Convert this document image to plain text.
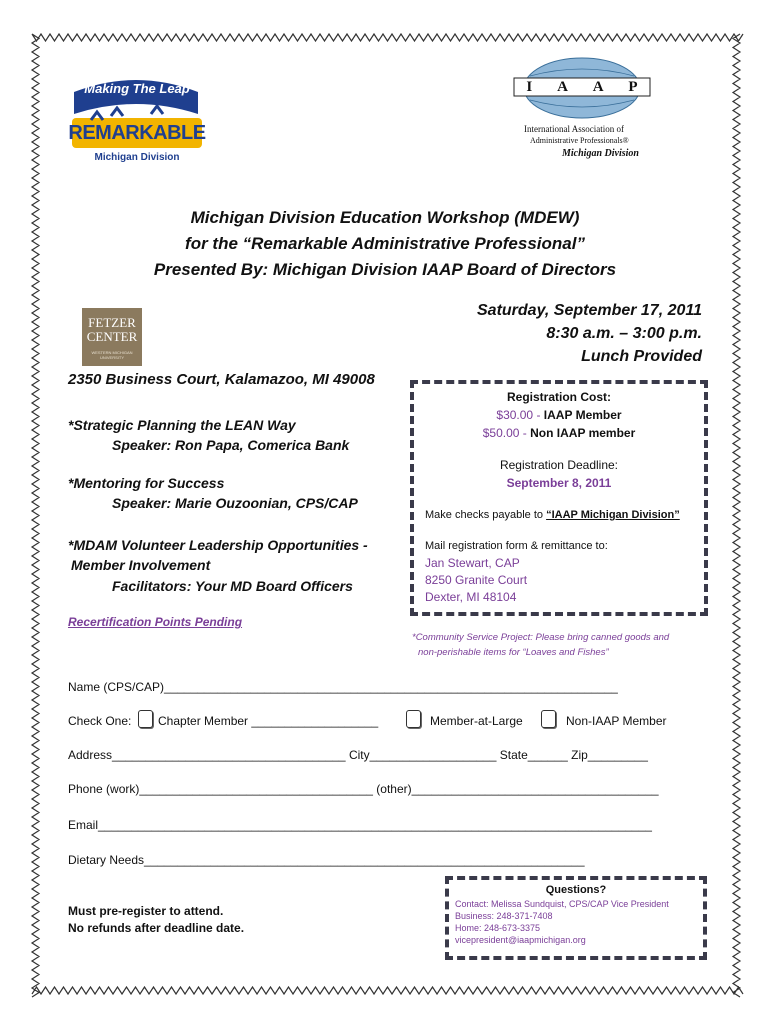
Making The Leap
To
REMARKABLE
Michigan Division
I A A P
International Association of
Administrative Professionals®
Michigan Division
Michigan Division Education Workshop (MDEW)
for the “Remarkable Administrative Professional”
Presented By: Michigan Division IAAP Board of Directors
FETZER
CENTER
WESTERN MICHIGAN UNIVERSITY
Saturday, September 17, 2011
8:30 a.m. – 3:00 p.m.
Lunch Provided
2350 Business Court, Kalamazoo, MI 49008
*Strategic Planning the LEAN Way
Speaker: Ron Papa, Comerica Bank
*Mentoring for Success
Speaker: Marie Ouzoonian, CPS/CAP
*MDAM Volunteer Leadership Opportunities -
Member Involvement
Facilitators: Your MD Board Officers
Recertification Points Pending
Registration Cost:
$30.00 - IAAP Member
$50.00 - Non IAAP member
Registration Deadline:
September 8, 2011
Make checks payable to “IAAP Michigan Division”
Mail registration form & remittance to:
Jan Stewart, CAP
8250 Granite Court
Dexter, MI 48104
*Community Service Project: Please bring canned goods and
non-perishable items for “Loaves and Fishes”
Name (CPS/CAP)____________________________________________________________________
Check One: Chapter Member ___________________	Member-at-Large	Non-IAAP Member
Address___________________________________ City___________________ State______ Zip_________
Phone (work)___________________________________ (other)_____________________________________
Email___________________________________________________________________________________
Dietary Needs__________________________________________________________________
Must pre-register to attend.
No refunds after deadline date.
Questions?
Contact: Melissa Sundquist, CPS/CAP Vice President
Business: 248-371-7408
Home: 248-673-3375
vicepresident@iaapmichigan.org
